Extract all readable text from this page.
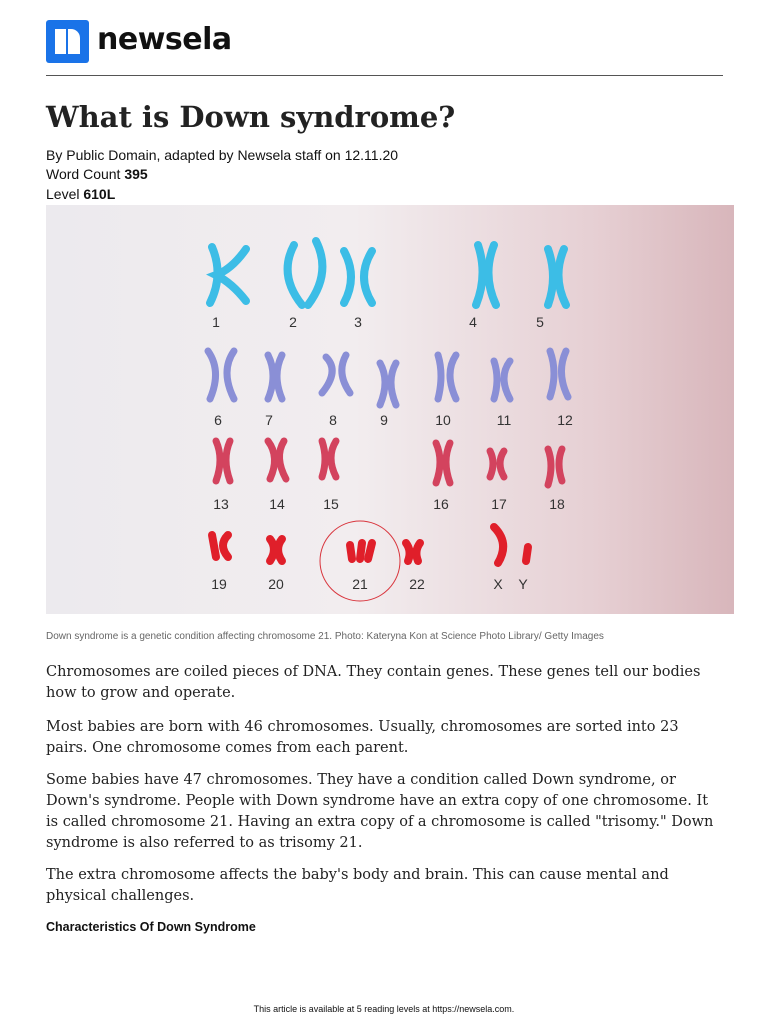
newsela
What is Down syndrome?
By Public Domain, adapted by Newsela staff on 12.11.20
Word Count 395
Level 610L
1	2	3	4	5
6	7	8	9	10	11	12
13	14	15	16	17	18
19	20	21	22	X Y
Down syndrome is a genetic condition affecting chromosome 21. Photo: Kateryna Kon at Science Photo Library/ Getty Images

Chromosomes are coiled pieces of DNA. They contain genes. These genes tell our bodies how to grow and operate.

Most babies are born with 46 chromosomes. Usually, chromosomes are sorted into 23 pairs. One chromosome comes from each parent.

Some babies have 47 chromosomes. They have a condition called Down syndrome, or Down's syndrome. People with Down syndrome have an extra copy of one chromosome. It is called chromosome 21. Having an extra copy of a chromosome is called "trisomy." Down syndrome is also referred to as trisomy 21.

The extra chromosome affects the baby's body and brain. This can cause mental and physical challenges.

Characteristics Of Down Syndrome
This article is available at 5 reading levels at https://newsela.com.
